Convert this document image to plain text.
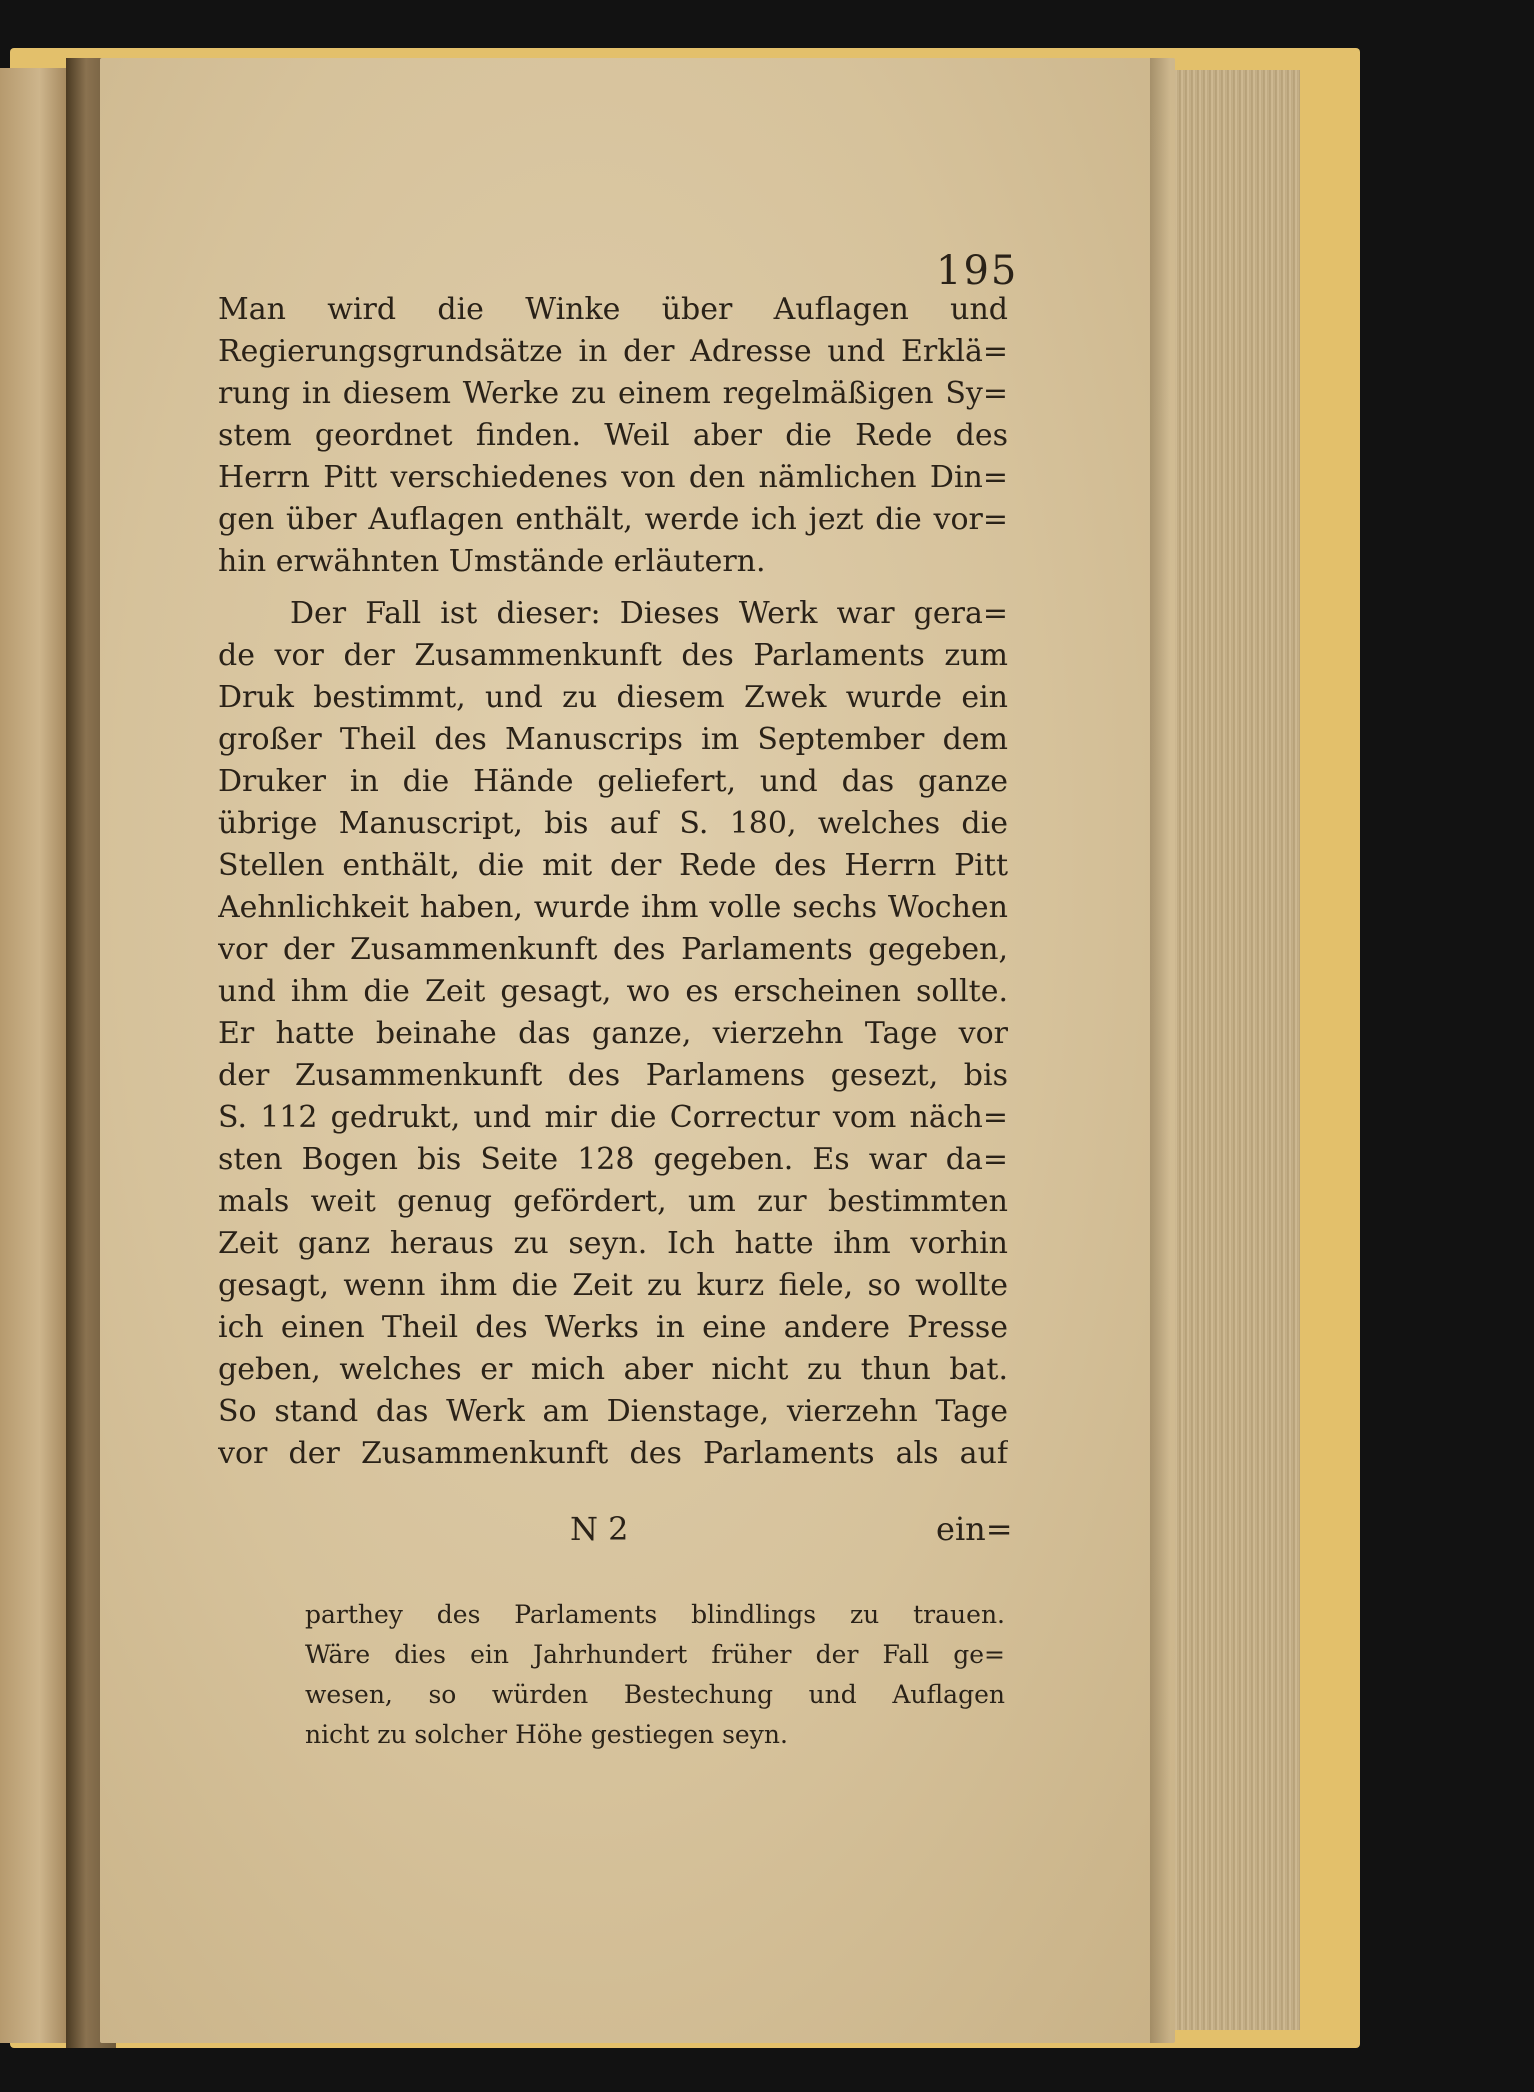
195

Man wird die Winke über Auflagen und

Regierungsgrundsätze in der Adresse und Erklä=

rung in diesem Werke zu einem regelmäßigen Sy=

stem geordnet finden. Weil aber die Rede des

Herrn Pitt verschiedenes von den nämlichen Din=

gen über Auflagen enthält, werde ich jezt die vor=

hin erwähnten Umstände erläutern.

Der Fall ist dieser: Dieses Werk war gera=

de vor der Zusammenkunft des Parlaments zum

Druk bestimmt, und zu diesem Zwek wurde ein

großer Theil des Manuscrips im September dem

Druker in die Hände geliefert, und das ganze

übrige Manuscript, bis auf S. 180, welches die

Stellen enthält, die mit der Rede des Herrn Pitt

Aehnlichkeit haben, wurde ihm volle sechs Wochen

vor der Zusammenkunft des Parlaments gegeben,

und ihm die Zeit gesagt, wo es erscheinen sollte.

Er hatte beinahe das ganze, vierzehn Tage vor

der Zusammenkunft des Parlamens gesezt, bis

S. 112 gedrukt, und mir die Correctur vom näch=

sten Bogen bis Seite 128 gegeben. Es war da=

mals weit genug gefördert, um zur bestimmten

Zeit ganz heraus zu seyn. Ich hatte ihm vorhin

gesagt, wenn ihm die Zeit zu kurz fiele, so wollte

ich einen Theil des Werks in eine andere Presse

geben, welches er mich aber nicht zu thun bat.

So stand das Werk am Dienstage, vierzehn Tage

vor der Zusammenkunft des Parlaments als auf

N 2	ein=

parthey des Parlaments blindlings zu trauen.

Wäre dies ein Jahrhundert früher der Fall ge=

wesen, so würden Bestechung und Auflagen

nicht zu solcher Höhe gestiegen seyn.
